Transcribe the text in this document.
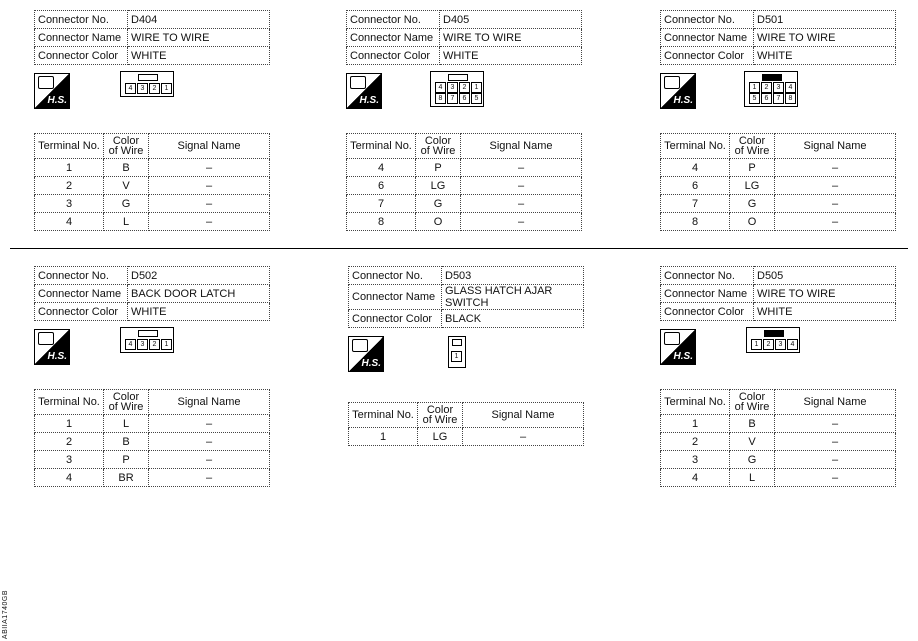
Connector No.	D404
Connector Name	WIRE TO WIRE
Connector Color	WHITE
H.S.
4	3	2	1
Terminal No.	Color of Wire	Signal Name
1	B	–
2	V	–
3	G	–
4	L	–
Connector No.	D405
Connector Name	WIRE TO WIRE
Connector Color	WHITE
H.S.
4	3	2	1
8	7	6	5
Terminal No.	Color of Wire	Signal Name
4	P	–
6	LG	–
7	G	–
8	O	–
Connector No.	D501
Connector Name	WIRE TO WIRE
Connector Color	WHITE
H.S.
1	2	3	4
5	6	7	8
Terminal No.	Color of Wire	Signal Name
4	P	–
6	LG	–
7	G	–
8	O	–
Connector No.	D502
Connector Name	BACK DOOR LATCH
Connector Color	WHITE
H.S.
4	3	2	1
Terminal No.	Color of Wire	Signal Name
1	L	–
2	B	–
3	P	–
4	BR	–
Connector No.	D503
Connector Name	GLASS HATCH AJAR SWITCH
Connector Color	BLACK
H.S.
1
Terminal No.	Color of Wire	Signal Name
1	LG	–
Connector No.	D505
Connector Name	WIRE TO WIRE
Connector Color	WHITE
H.S.
1	2	3	4
Terminal No.	Color of Wire	Signal Name
1	B	–
2	V	–
3	G	–
4	L	–
ABIIA1740GB
